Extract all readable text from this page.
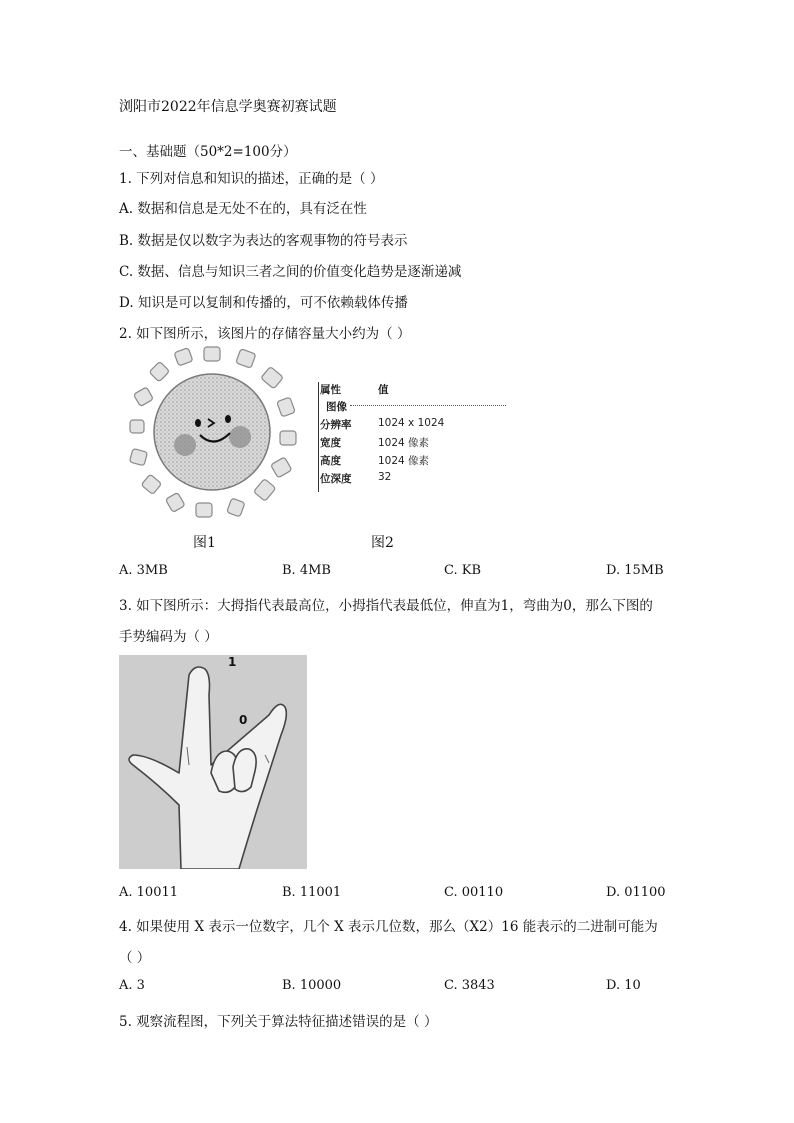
浏阳市2022年信息学奥赛初赛试题
一、基础题（50*2=100分）
1. 下列对信息和知识的描述，正确的是（ ）
A. 数据和信息是无处不在的，具有泛在性
B. 数据是仅以数字为表达的客观事物的符号表示
C. 数据、信息与知识三者之间的价值变化趋势是逐渐递减
D. 知识是可以复制和传播的，可不依赖载体传播
2. 如下图所示，该图片的存储容量大小约为（ ）
属性	值
图像
分辨率	1024 x 1024
宽度	1024 像素
高度	1024 像素
位深度	32
图1	图2
A. 3MB	B. 4MB	C. KB	D. 15MB
3. 如下图所示：大拇指代表最高位，小拇指代表最低位，伸直为1，弯曲为0，那么下图的
手势编码为（ ）
1
0
A. 10011	B. 11001	C. 00110	D. 01100
4. 如果使用 X 表示一位数字，几个 X 表示几位数，那么（X2）16 能表示的二进制可能为
（ ）
A. 3	B. 10000	C. 3843	D. 10
5. 观察流程图，下列关于算法特征描述错误的是（ ）
